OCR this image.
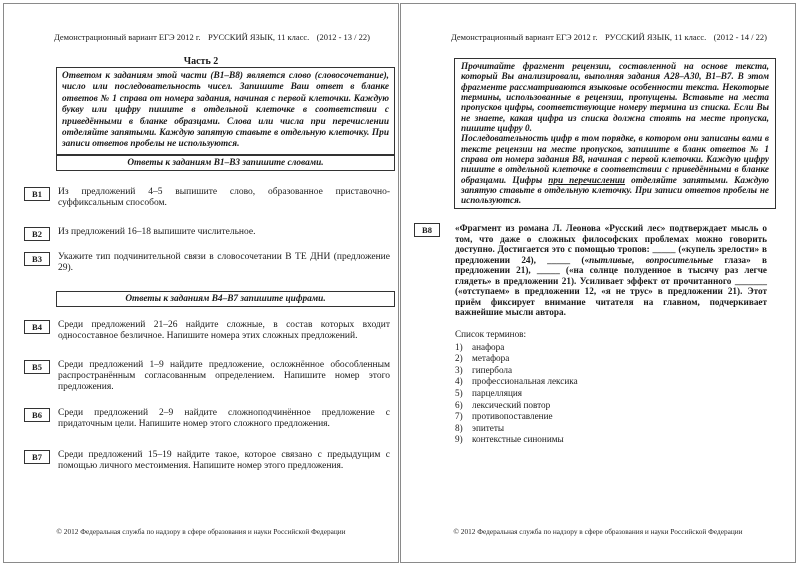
Демонстрационный вариант ЕГЭ 2012 г. РУССКИЙ ЯЗЫК, 11 класс. (2012 - 13 / 22)
Часть 2

Ответом к заданиям этой части (В1–В8) является слово (словосочетание), число или последовательность чисел. Запишите Ваш ответ в бланке ответов № 1 справа от номера задания, начиная с первой клеточки. Каждую букву или цифру пишите в отдельной клеточке в соответствии с приведёнными в бланке образцами. Слова или числа при перечислении отделяйте запятыми. Каждую запятую ставьте в отдельную клеточку. При записи ответов пробелы не используются.

Ответы к заданиям В1–В3 запишите словами.
В1	Из предложений 4–5 выпишите слово, образованное приставочно-суффиксальным способом.
В2	Из предложений 16–18 выпишите числительное.
В3	Укажите тип подчинительной связи в словосочетании В ТЕ ДНИ (предложение 29).
Ответы к заданиям В4–В7 запишите цифрами.
В4	Среди предложений 21–26 найдите сложные, в состав которых входит односоставное безличное. Напишите номера этих сложных предложений.
В5	Среди предложений 1–9 найдите предложение, осложнённое обособленным распространённым согласованным определением. Напишите номер этого предложения.
В6	Среди предложений 2–9 найдите сложноподчинённое предложение с придаточным цели. Напишите номер этого сложного предложения.
В7	Среди предложений 15–19 найдите такое, которое связано с предыдущим с помощью личного местоимения. Напишите номер этого предложения.
© 2012 Федеральная служба по надзору в сфере образования и науки Российской Федерации
Демонстрационный вариант ЕГЭ 2012 г. РУССКИЙ ЯЗЫК, 11 класс. (2012 - 14 / 22)

Прочитайте фрагмент рецензии, составленной на основе текста, который Вы анализировали, выполняя задания А28–А30, В1–В7. В этом фрагменте рассматриваются языковые особенности текста. Некоторые термины, использованные в рецензии, пропущены. Вставьте на места пропусков цифры, соответствующие номеру термина из списка. Если Вы не знаете, какая цифра из списка должна стоять на месте пропуска, пишите цифру 0.

Последовательность цифр в том порядке, в котором они записаны вами в тексте рецензии на месте пропусков, запишите в бланк ответов № 1 справа от номера задания В8, начиная с первой клеточки. Каждую цифру пишите в отдельной клеточке в соответствии с приведёнными в бланке образцами. Цифры при перечислении отделяйте запятыми. Каждую запятую ставьте в отдельную клеточку. При записи ответов пробелы не используются.

В8	«Фрагмент из романа Л. Леонова «Русский лес» подтверждает мысль о том, что даже о сложных философских проблемах можно говорить доступно. Достигается это с помощью тропов: _____ («купель зрелости» в предложении 24), _____ («пытливые, вопросительные глаза» в предложении 21), _____ («на солнце полуденное в тысячу раз легче глядеть» в предложении 21). Усиливает эффект от прочитанного _______ («отступаем» в предложении 12, «я не трус» в предложении 21). Этот приём фиксирует внимание читателя на главном, подчеркивает важнейшие мысли автора.
Список терминов:
1)	анафора
2)	метафора
3)	гипербола
4)	профессиональная лексика
5)	парцелляция
6)	лексический повтор
7)	противопоставление
8)	эпитеты
9)	контекстные синонимы
© 2012 Федеральная служба по надзору в сфере образования и науки Российской Федерации
